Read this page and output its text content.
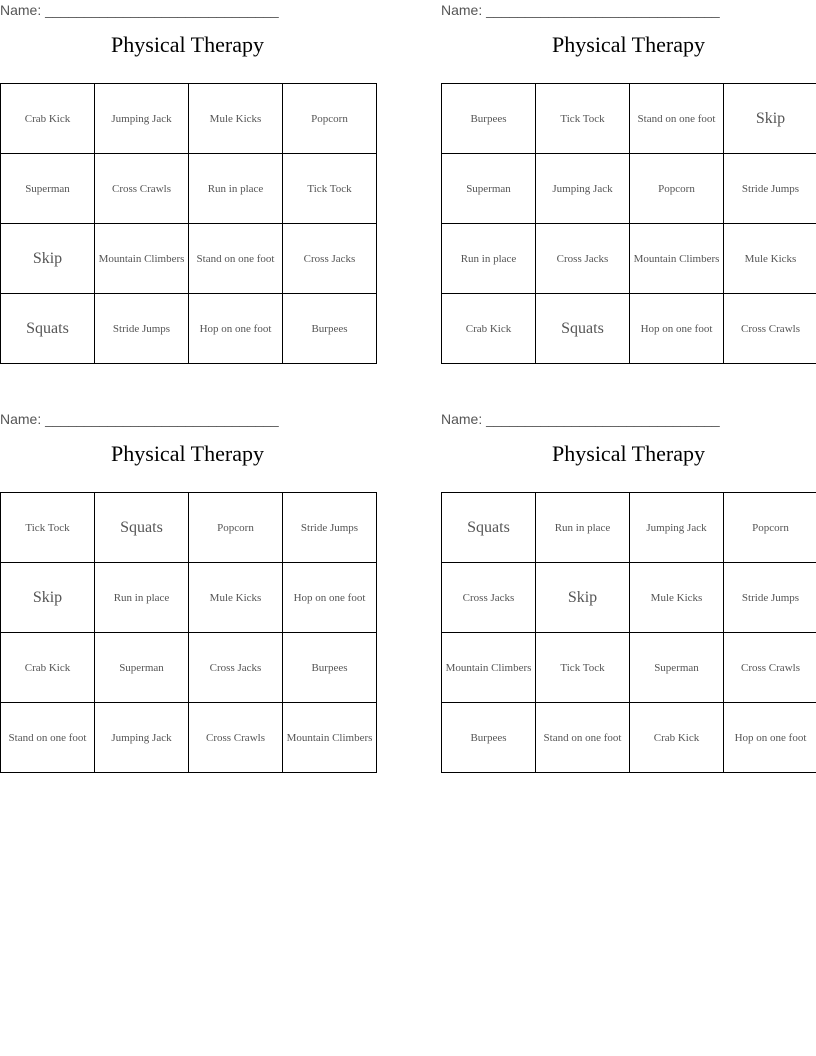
Name: ______________________________
Physical Therapy
Crab Kick	Jumping Jack	Mule Kicks	Popcorn
Superman	Cross Crawls	Run in place	Tick Tock
Skip	Mountain Climbers	Stand on one foot	Cross Jacks
Squats	Stride Jumps	Hop on one foot	Burpees
Name: ______________________________
Physical Therapy
Burpees	Tick Tock	Stand on one foot	Skip
Superman	Jumping Jack	Popcorn	Stride Jumps
Run in place	Cross Jacks	Mountain Climbers	Mule Kicks
Crab Kick	Squats	Hop on one foot	Cross Crawls
Name: ______________________________
Physical Therapy
Tick Tock	Squats	Popcorn	Stride Jumps
Skip	Run in place	Mule Kicks	Hop on one foot
Crab Kick	Superman	Cross Jacks	Burpees
Stand on one foot	Jumping Jack	Cross Crawls	Mountain Climbers
Name: ______________________________
Physical Therapy
Squats	Run in place	Jumping Jack	Popcorn
Cross Jacks	Skip	Mule Kicks	Stride Jumps
Mountain Climbers	Tick Tock	Superman	Cross Crawls
Burpees	Stand on one foot	Crab Kick	Hop on one foot
